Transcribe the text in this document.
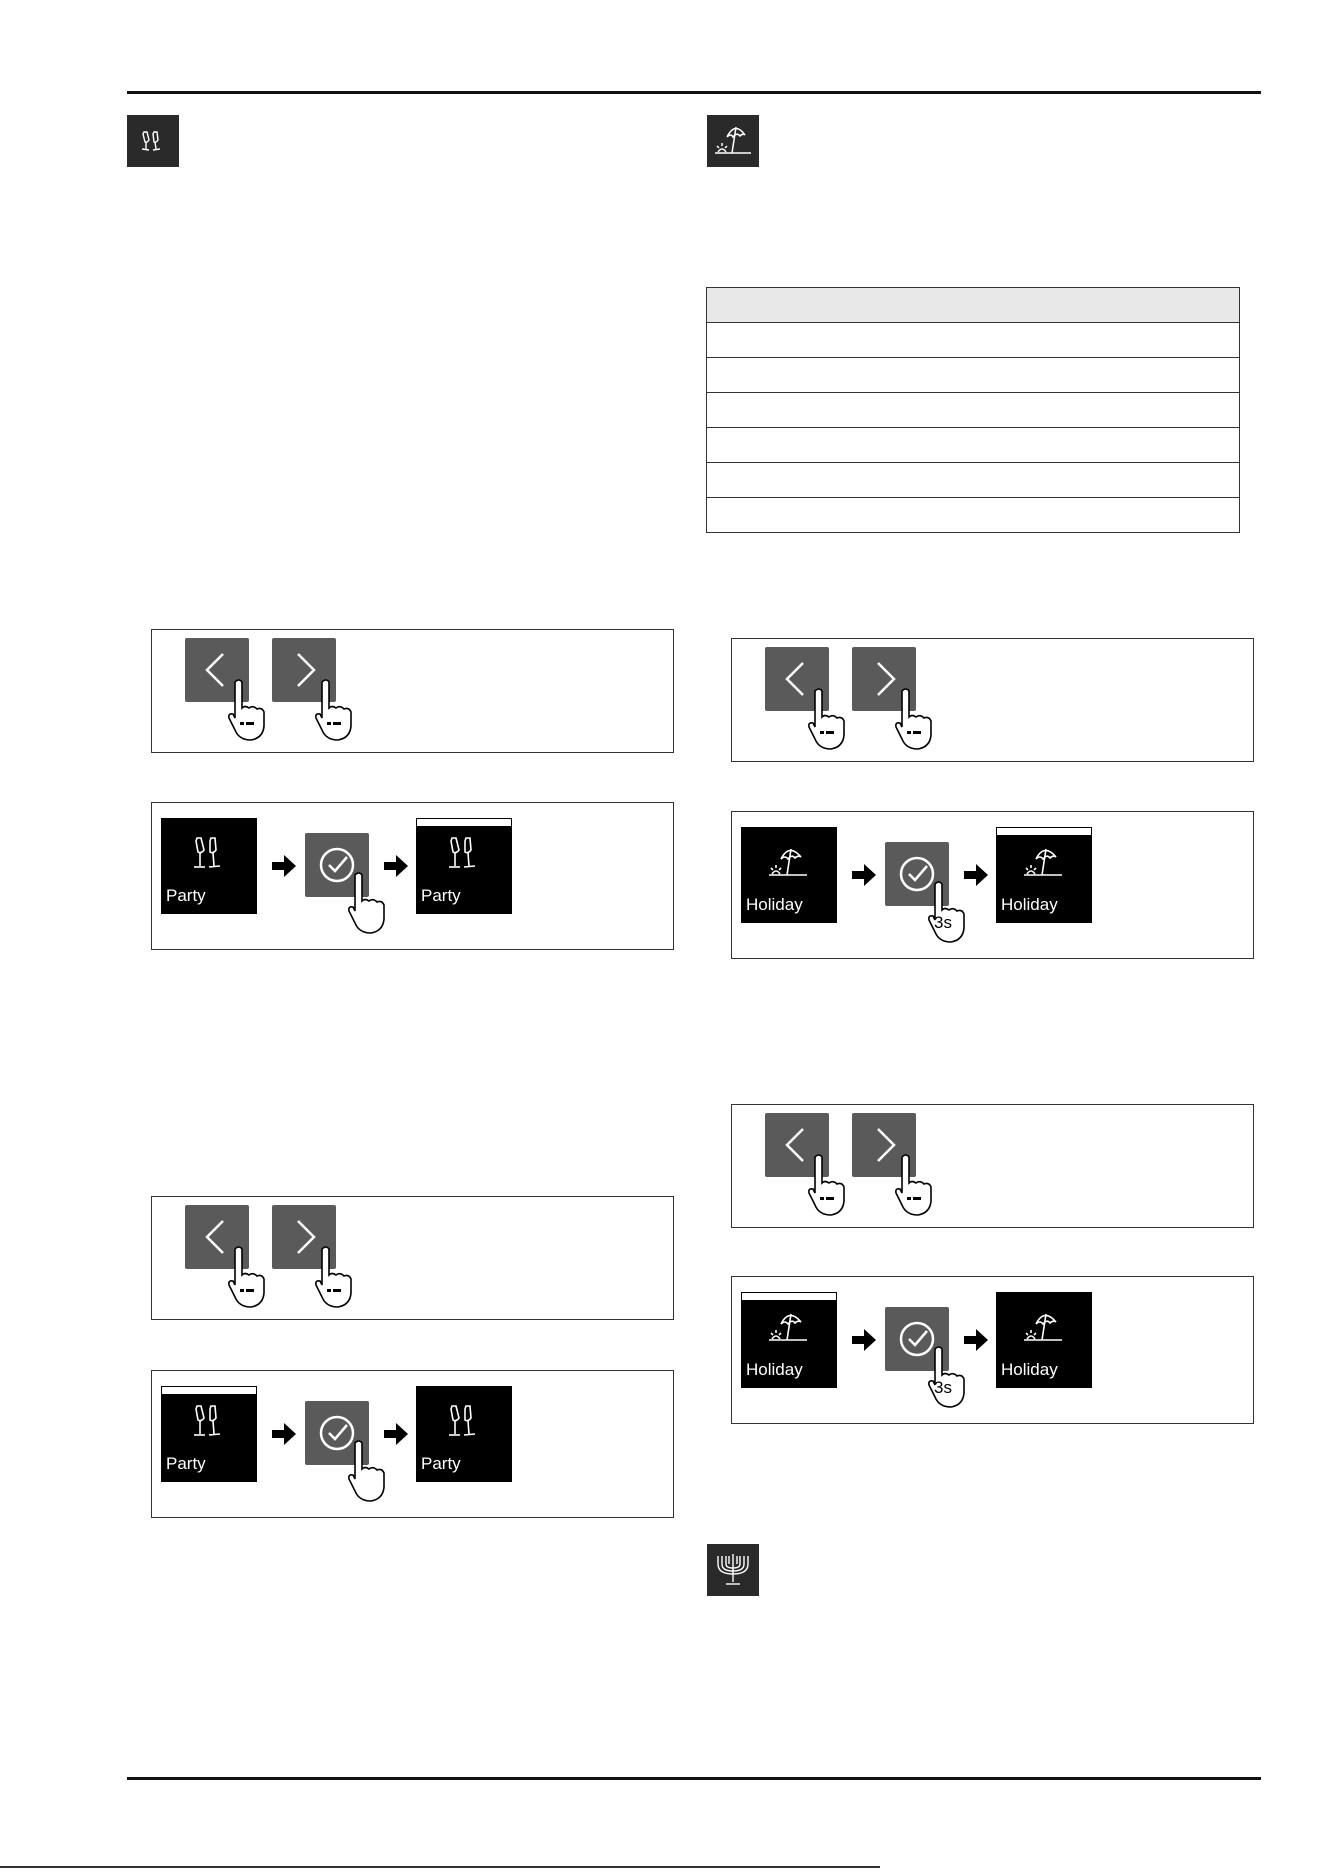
Party	Party
Party	Party
Holiday
3s
Holiday
Holiday
3s
Holiday
